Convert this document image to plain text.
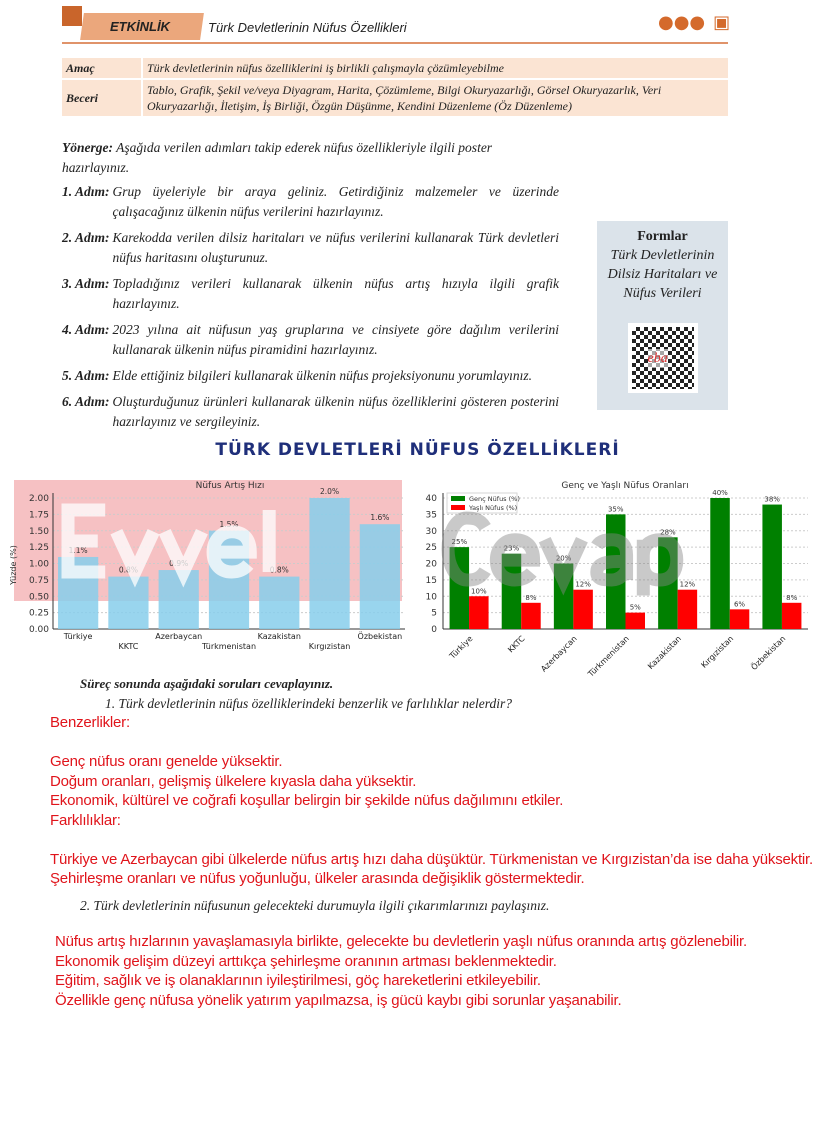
ETKİNLİK	Türk Devletlerinin Nüfus Özellikleri	●●● ▣
Amaç	Türk devletlerinin nüfus özelliklerini iş birlikli çalışmayla çözümleyebilme
Beceri	Tablo, Grafik, Şekil ve/veya Diyagram, Harita, Çözümleme, Bilgi Okuryazarlığı, Görsel Okuryazarlık, Veri Okuryazarlığı, İletişim, İş Birliği, Özgün Düşünme, Kendini Düzenleme (Öz Düzenleme)
Yönerge: Aşağıda verilen adımları takip ederek nüfus özellikleriyle ilgili poster hazırlayınız.
1. Adım: Grup üyeleriyle bir araya geliniz. Getirdiğiniz malzemeler ve üzerinde çalışacağınız ülkenin nüfus verilerini hazırlayınız.
2. Adım: Karekodda verilen dilsiz haritaları ve nüfus verilerini kullanarak Türk devletleri nüfus haritasını oluşturunuz.
3. Adım: Topladığınız verileri kullanarak ülkenin nüfus artış hızıyla ilgili grafik hazırlayınız.
4. Adım: 2023 yılına ait nüfusun yaş gruplarına ve cinsiyete göre dağılım verilerini kullanarak ülkenin nüfus piramidini hazırlayınız.
5. Adım: Elde ettiğiniz bilgileri kullanarak ülkenin nüfus projeksiyonunu yorumlayınız.
6. Adım: Oluşturduğunuz ürünleri kullanarak ülkenin nüfus özelliklerini gösteren posterini hazırlayınız ve sergileyiniz.
Formlar
Türk Devletlerinin Dilsiz Haritaları ve Nüfus Verileri
eba
TÜRK DEVLETLERİ NÜFUS ÖZELLİKLERİ
0.00
0.25
0.50
0.75
1.00
1.25
1.50
1.75
2.00
1.1%
Türkiye
0.8%
KKTC
0.9%
Azerbaycan
1.5%
Türkmenistan
0.8%
Kazakistan
2.0%
Kırgızistan
1.6%
Özbekistan
Nüfus Artış Hızı
Yüzde (%)
0
5
10
15
20
25
30
35
40
25%
10%
Türkiye
23%
8%
KKTC
20%
12%
Azerbaycan
35%
5%
Türkmenistan
28%
12%
Kazakistan
40%
6%
Kırgızistan
38%
8%
Özbekistan
Genç ve Yaşlı Nüfus Oranları
Genç Nüfus (%)
Yaşlı Nüfus (%)
Süreç sonunda aşağıdaki soruları cevaplayınız.
1. Türk devletlerinin nüfus özelliklerindeki benzerlik ve farlılıklar nelerdir?
Benzerlikler:
Genç nüfus oranı genelde yüksektir.
Doğum oranları, gelişmiş ülkelere kıyasla daha yüksektir.
Ekonomik, kültürel ve coğrafi koşullar belirgin bir şekilde nüfus dağılımını etkiler.
Farklılıklar:
Türkiye ve Azerbaycan gibi ülkelerde nüfus artış hızı daha düşüktür. Türkmenistan ve Kırgızistan’da ise daha yüksektir.
Şehirleşme oranları ve nüfus yoğunluğu, ülkeler arasında değişiklik göstermektedir.
2. Türk devletlerinin nüfusunun gelecekteki durumuyla ilgili çıkarımlarınızı paylaşınız.
Nüfus artış hızlarının yavaşlamasıyla birlikte, gelecekte bu devletlerin yaşlı nüfus oranında artış gözlenebilir.
Ekonomik gelişim düzeyi arttıkça şehirleşme oranının artması beklenmektedir.
Eğitim, sağlık ve iş olanaklarının iyileştirilmesi, göç hareketlerini etkileyebilir.
Özellikle genç nüfusa yönelik yatırım yapılmazsa, iş gücü kaybı gibi sorunlar yaşanabilir.
